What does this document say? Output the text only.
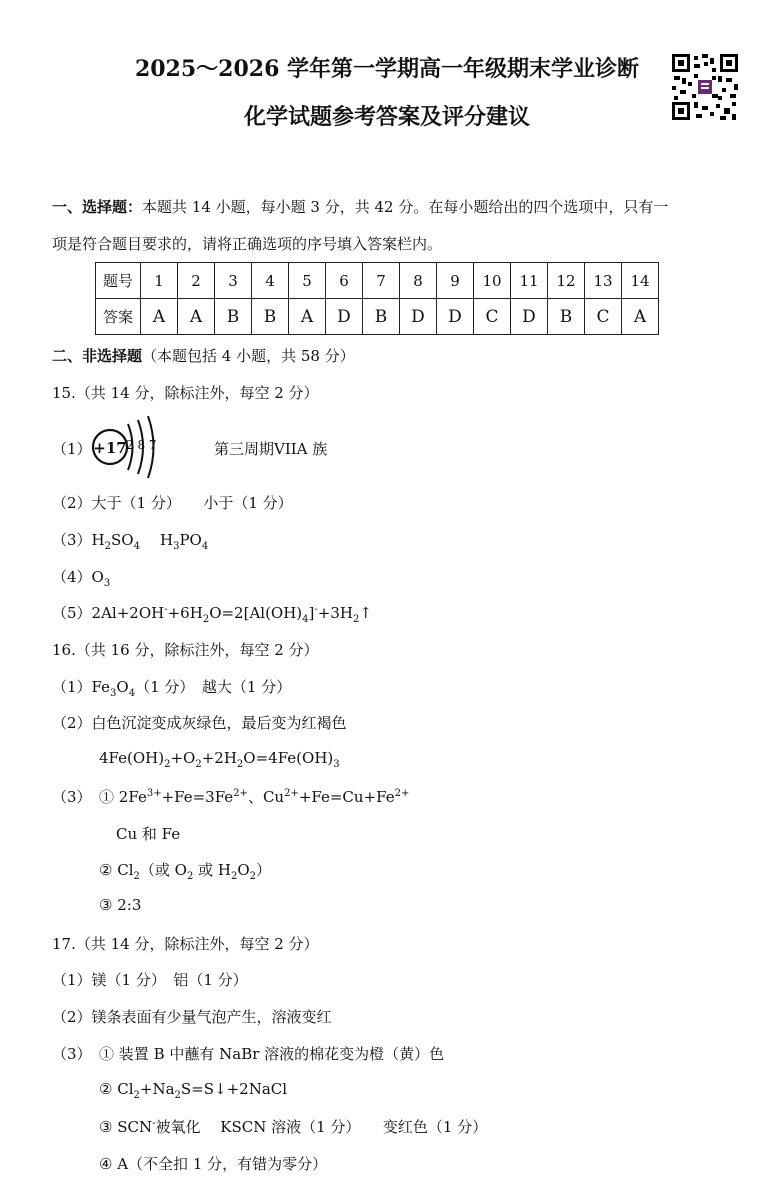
2025～2026 学年第一学期高一年级期末学业诊断
化学试题参考答案及评分建议
一、选择题：本题共 14 小题，每小题 3 分，共 42 分。在每小题给出的四个选项中，只有一
项是符合题目要求的，请将正确选项的序号填入答案栏内。
题号	1	2	3	4	5	6	7	8	9	10	11	12	13	14
答案	A	A	B	B	A	D	B	D	D	C	D	B	C	A
二、非选择题（本题包括 4 小题，共 58 分）
15.（共 14 分，除标注外，每空 2 分）
（1） +17 2 8 7	第三周期VIIA 族
（2）大于（1 分）　　小于（1 分）
$(3)H_2SO_4$ $H_3PO_4$
$(4)O_3$
$(5)2Al+2OH^-+6H_2O=2[Al(OH)_4]^-+3H_2↑$
16.（共 16 分，除标注外，每空 2 分）
$(1)Fe_3O_4(1$ 分）　越大（1 分）
（2）白色沉淀变成灰绿色，最后变为红褐色
$4Fe(OH)_2+O_2+2H_2O=4Fe(OH)_3$
（3）　① $2Fe^{3+}+Fe=3Fe^{2+}$、$Cu^{2+}+Fe=Cu+Fe^{2+}$
Cu 和 Fe
② $Cl_2$（或 $O_2$ 或 $H_2O_2$）
③ 2:3
17.（共 14 分，除标注外，每空 2 分）
（1）镁（1 分）　铝（1 分）
（2）镁条表面有少量气泡产生，溶液变红
（3）　① 装置 B 中蘸有 NaBr 溶液的棉花变为橙（黄）色
② $Cl_2+Na_2S=S↓+2NaCl$
③ SCN-被氧化　 KSCN 溶液（1 分）　　变红色（1 分）
④ A（不全扣 1 分，有错为零分）
